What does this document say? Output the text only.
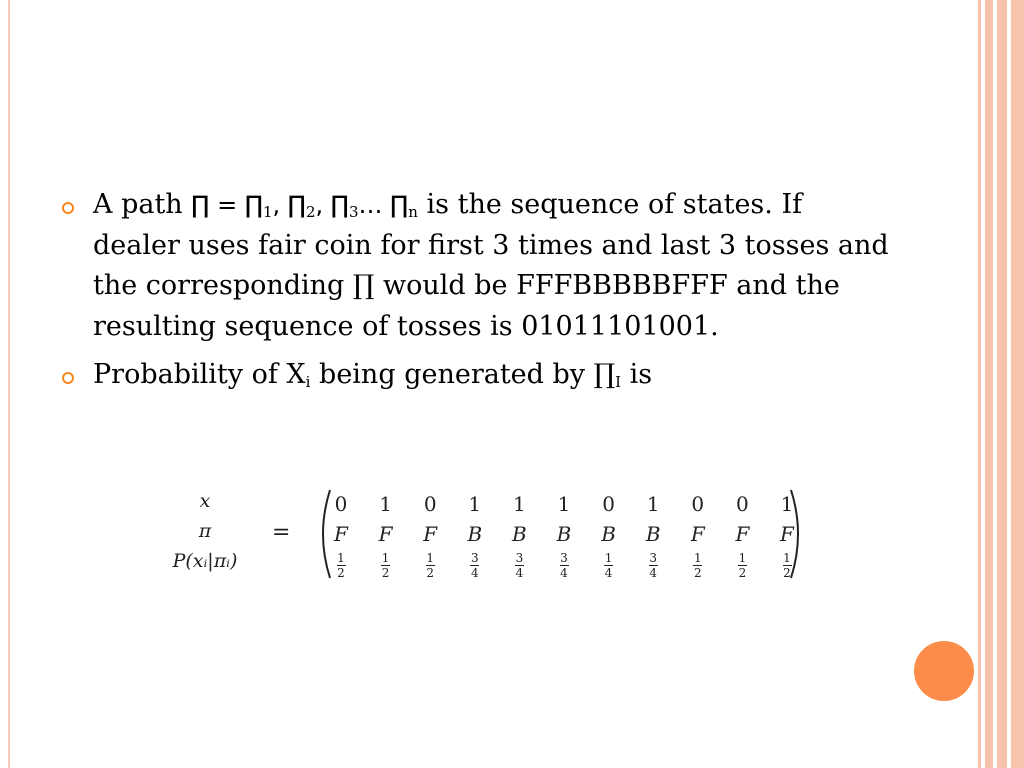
A path ∏ = $\prod_1$, $\prod_2$, $\prod_3\dots$ $\prod_n$ is the sequence of states. If dealer uses fair coin for first 3 times and last 3 tosses and the corresponding ∏ would be FFFBBBBBFFF and the resulting sequence of tosses is 01011101001.
Probability of $X_i$ being generated by $\prod_I$ is
x
π
P(xᵢ|πᵢ)
=
0
F
1
2
1
F
1
2
0
F
1
2
1
B
3
4
1
B
3
4
1
B
3
4
0
B
1
4
1
B
3
4
0
F
1
2
0
F
1
2
1
F
1
2
